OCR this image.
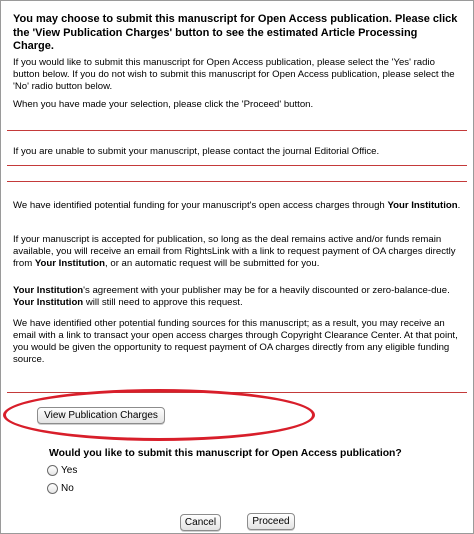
You may choose to submit this manuscript for Open Access publication. Please click the 'View Publication Charges' button to see the estimated Article Processing Charge.

If you would like to submit this manuscript for Open Access publication, please select the 'Yes' radio button below. If you do not wish to submit this manuscript for Open Access publication, please select the 'No' radio button below.

When you have made your selection, please click the 'Proceed' button.

If you are unable to submit your manuscript, please contact the journal Editorial Office.

We have identified potential funding for your manuscript's open access charges through Your Institution.

If your manuscript is accepted for publication, so long as the deal remains active and/or funds remain available, you will receive an email from RightsLink with a link to request payment of OA charges directly from Your Institution, or an automatic request will be submitted for you.

Your Institution's agreement with your publisher may be for a heavily discounted or zero-balance-due. Your Institution will still need to approve this request.

We have identified other potential funding sources for this manuscript; as a result, you may receive an email with a link to transact your open access charges through Copyright Clearance Center. At that point, you would be given the opportunity to request payment of OA charges directly from any eligible funding source.

View Publication Charges
Would you like to submit this manuscript for Open Access publication?
Yes
No
Cancel	Proceed
